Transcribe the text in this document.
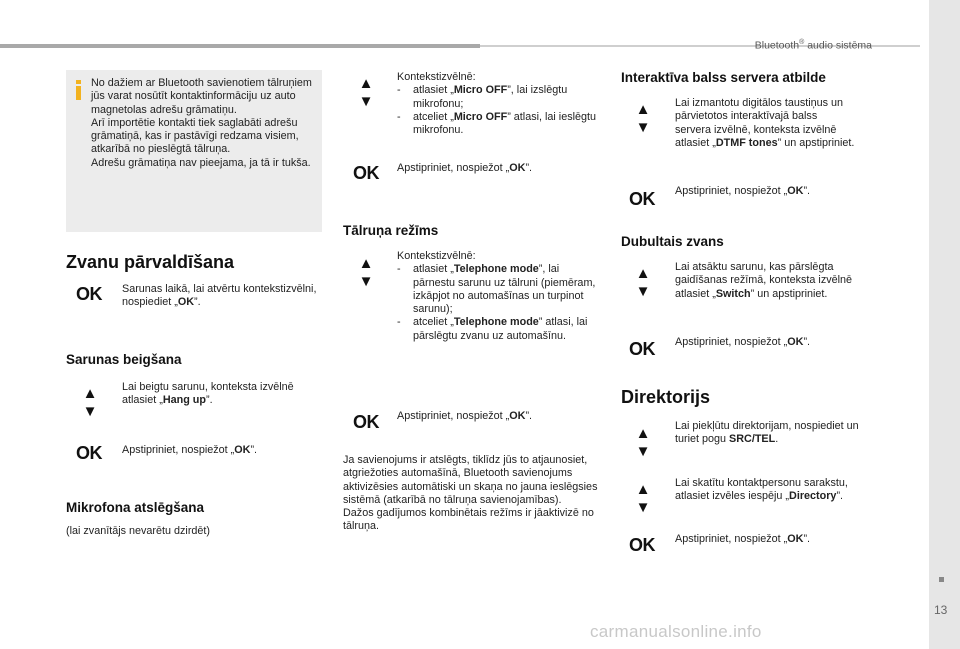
Bluetooth® audio sistēma
13
carmanualsonline.info
No dažiem ar Bluetooth savienotiem tālruņiem jūs varat nosūtīt kontaktinformāciju uz auto magnetolas adrešu grāmatiņu.
Arī importētie kontakti tiek saglabāti adrešu grāmatiņā, kas ir pastāvīgi redzama visiem, atkarībā no pieslēgtā tālruņa.
Adrešu grāmatiņa nav pieejama, ja tā ir tukša.
Zvanu pārvaldīšana
OK Sarunas laikā, lai atvērtu kontekstizvēlni, nospiediet „OK”.
Sarunas beigšana
▲
▼
Lai beigtu sarunu, konteksta izvēlnē atlasiet „Hang up”.
OK Apstipriniet, nospiežot „OK”.
Mikrofona atslēgšana
(lai zvanītājs nevarētu dzirdēt)
▲
▼
Kontekstizvēlnē:
- atlasiet „Micro OFF”, lai izslēgtu mikrofonu;
- atceliet „Micro OFF” atlasi, lai ieslēgtu mikrofonu.
OK Apstipriniet, nospiežot „OK”.
Tālruņa režīms
▲
▼
Kontekstizvēlnē:
- atlasiet „Telephone mode”, lai pārnestu sarunu uz tālruni (piemēram, izkāpjot no automašīnas un turpinot sarunu);
- atceliet „Telephone mode” atlasi, lai pārslēgtu zvanu uz automašīnu.
OK Apstipriniet, nospiežot „OK”.
Ja savienojums ir atslēgts, tiklīdz jūs to atjaunosiet, atgriežoties automašīnā, Bluetooth savienojums aktivizēsies automātiski un skaņa no jauna ieslēgsies sistēmā (atkarībā no tālruņa savienojamības).
Dažos gadījumos kombinētais režīms ir jāaktivizē no tālruņa.
Interaktīva balss servera atbilde
▲
▼
Lai izmantotu digitālos taustiņus un pārvietotos interaktīvajā balss servera izvēlnē, konteksta izvēlnē atlasiet „DTMF tones” un apstipriniet.
OK Apstipriniet, nospiežot „OK”.
Dubultais zvans
▲
▼
Lai atsāktu sarunu, kas pārslēgta gaidīšanas režīmā, konteksta izvēlnē atlasiet „Switch” un apstipriniet.
OK Apstipriniet, nospiežot „OK”.
Direktorijs
▲
▼
Lai piekļūtu direktorijam, nospiediet un turiet pogu SRC/TEL.
▲
▼
Lai skatītu kontaktpersonu sarakstu, atlasiet izvēles iespēju „Directory”.
OK Apstipriniet, nospiežot „OK”.
